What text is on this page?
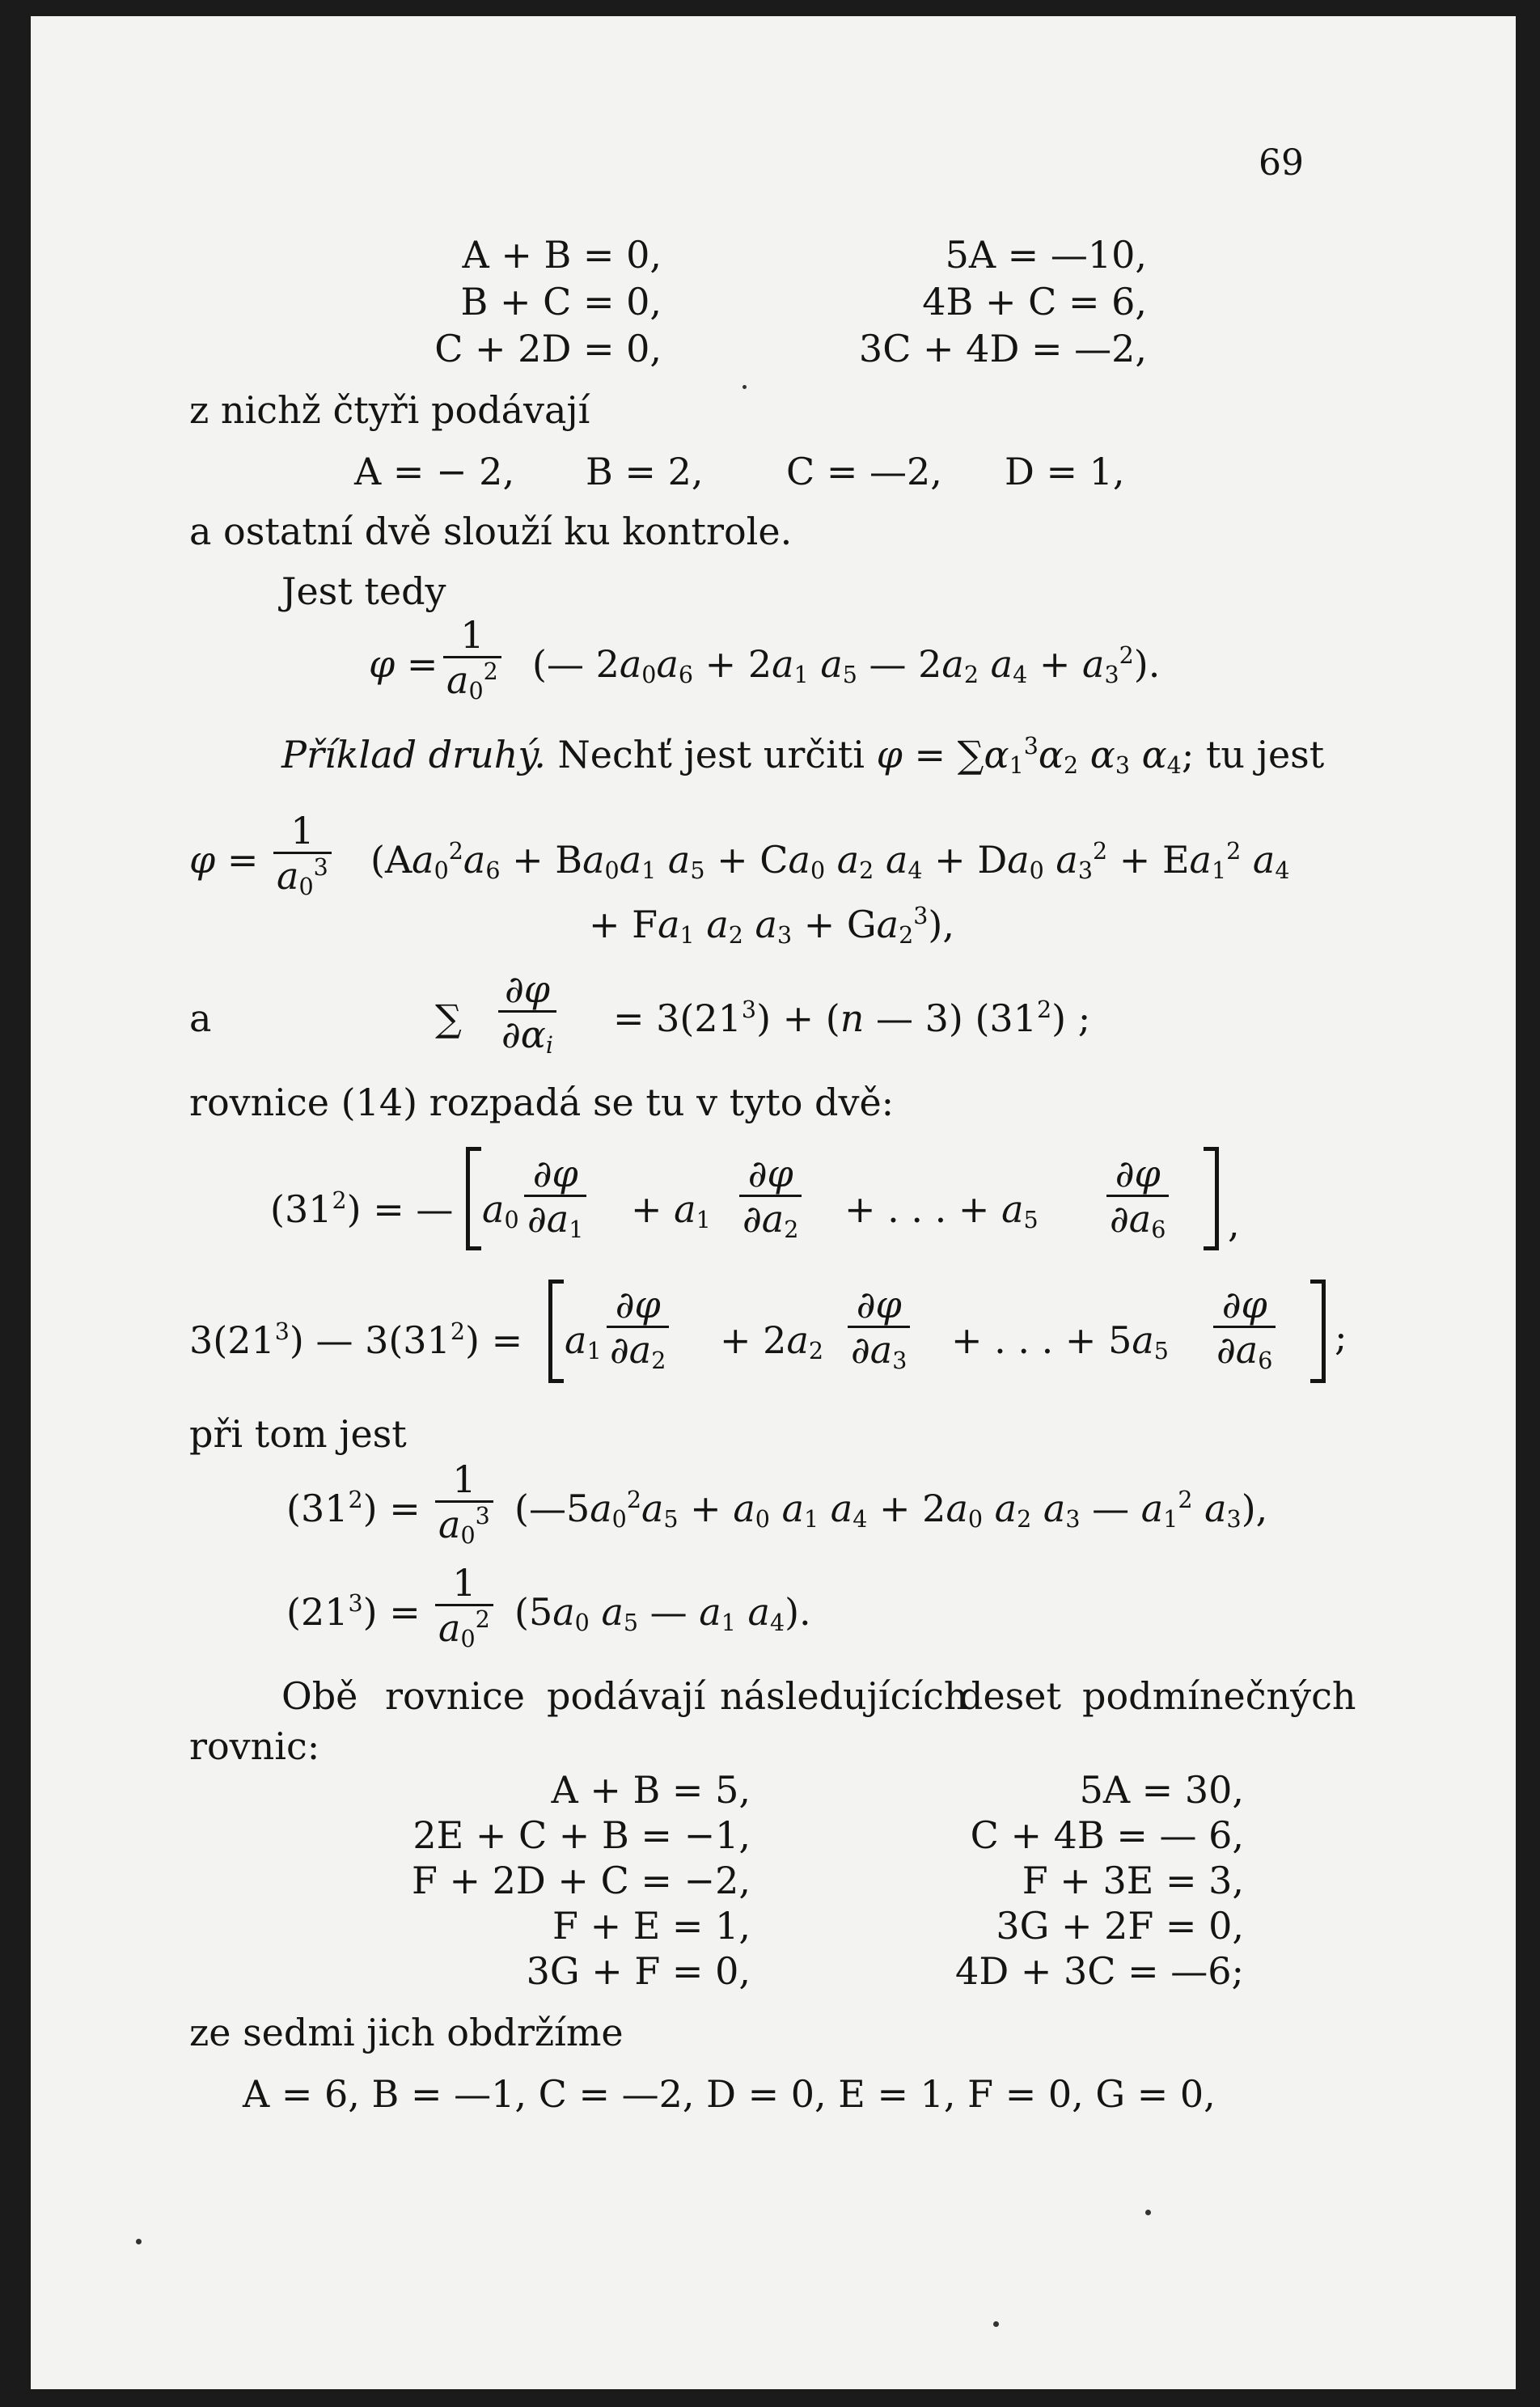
69
A + B = 0,
B + C = 0,
C + 2D = 0,
5A = —10,
4B + C = 6,
3C + 4D = —2,
z nichž čtyři podávají
A = − 2, B = 2, C = —2, D = 1,
a ostatní dvě slouží ku kontrole.
Jest tedy
$\varphi = \frac{1}{a_0^2}$ (— $2a_0a_6 + 2a_1$ $a_5$ — $2a_2$ $a_4 + a_3^2$).
Příklad druhý. Nechť jest určiti $\varphi = \sum\alpha_1^3\alpha_2$ $\alpha_3$ $\alpha_4$; tu jest
$\varphi = \frac{1}{a_0^3} (Aa_0^2a_6 + Ba_0a_1$ $a_5 + Ca_0$ $a_2$ $a_4 + Da_0$ $a_3^2 + Ea_1^2$ $a_4$
+ $Fa_1$ $a_2$ $a_3 + Ga_2^3$),
a	∑ $\frac{\partial\varphi}{\partial\alpha_i} = 3(21^3) + (n$ — 3) $(31^2)$ ;
rovnice (14) rozpadá se tu v tyto dvě:
$(31^2)$ = — $a_0 \frac{\partial\varphi}{\partial a_1} + a_1 \frac{\partial\varphi}{\partial a_2}$ + . . . + $a_5 \frac{\partial\varphi}{\partial a_6}$ ,
$3(21^3)$ — $3(31^2) = a_1 \frac{\partial\varphi}{\partial a_2} + 2a_2 \frac{\partial\varphi}{\partial a_3}$ + . . . + $5a_5 \frac{\partial\varphi}{\partial a_6}$ ;
při tom jest
$(31^2) = \frac{1}{a_0^3}$ ($—5a_0^2a_5 + a_0$ $a_1$ $a_4 + 2a_0$ $a_2$ $a_3$ — $a_1^2$ $a_3$),
$(21^3) = \frac{1}{a_0^2} (5a_0$ $a_5$ — $a_1$ $a_4$).
Obě rovnice podávají následujících
deset podmínečných
rovnic:
A + B = 5,
2E + C + B = −1,
F + 2D + C = −2,
F + E = 1,
3G + F = 0,
5A = 30,
C + 4B = — 6,
F + 3E = 3,
3G + 2F = 0,
4D + 3C = —6;
ze sedmi jich obdržíme
A = 6, B = —1, C = —2, D = 0, E = 1, F = 0, G = 0,
